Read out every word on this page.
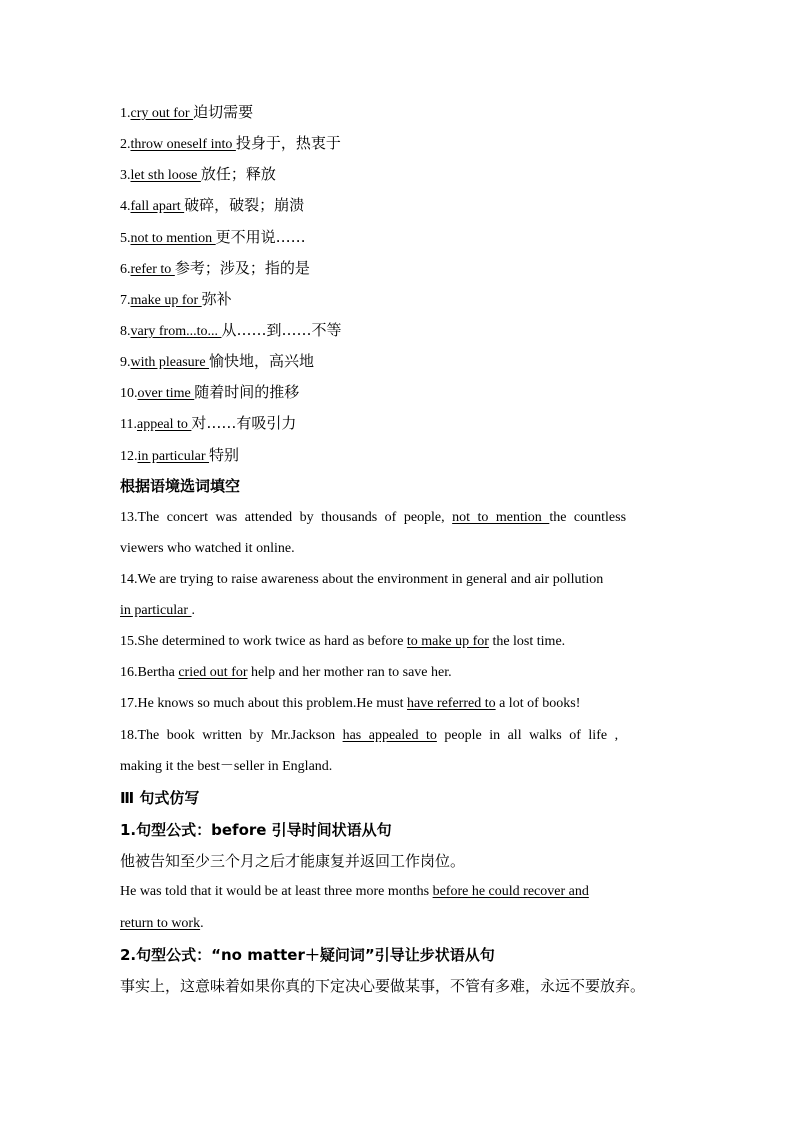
1.cry out for 迫切需要
2.throw oneself into 投身于，热衷于
3.let sth loose 放任；释放
4.fall apart 破碎，破裂；崩溃
5.not to mention 更不用说……
6.refer to 参考；涉及；指的是
7.make up for 弥补
8.vary from...to... 从……到……不等
9.with pleasure 愉快地，高兴地
10.over time 随着时间的推移
11.appeal to 对……有吸引力
12.in particular 特别
根据语境选词填空
13.The concert was attended by thousands of people, not to mention the countless
viewers who watched it online.
14.We are trying to raise awareness about the environment in general and air pollution
in particular .
15.She determined to work twice as hard as before to make up for the lost time.
16.Bertha cried out for help and her mother ran to save her.
17.He knows so much about this problem.He must have referred to a lot of books!
18.The book written by Mr.Jackson has appealed to people in all walks of life ,
making it the best－seller in England.
Ⅲ 句式仿写
1.句型公式：before 引导时间状语从句
他被告知至少三个月之后才能康复并返回工作岗位。
He was told that it would be at least three more months before he could recover and
return to work.
2.句型公式：“no matter＋疑问词”引导让步状语从句
事实上，这意味着如果你真的下定决心要做某事，不管有多难，永远不要放弃。
